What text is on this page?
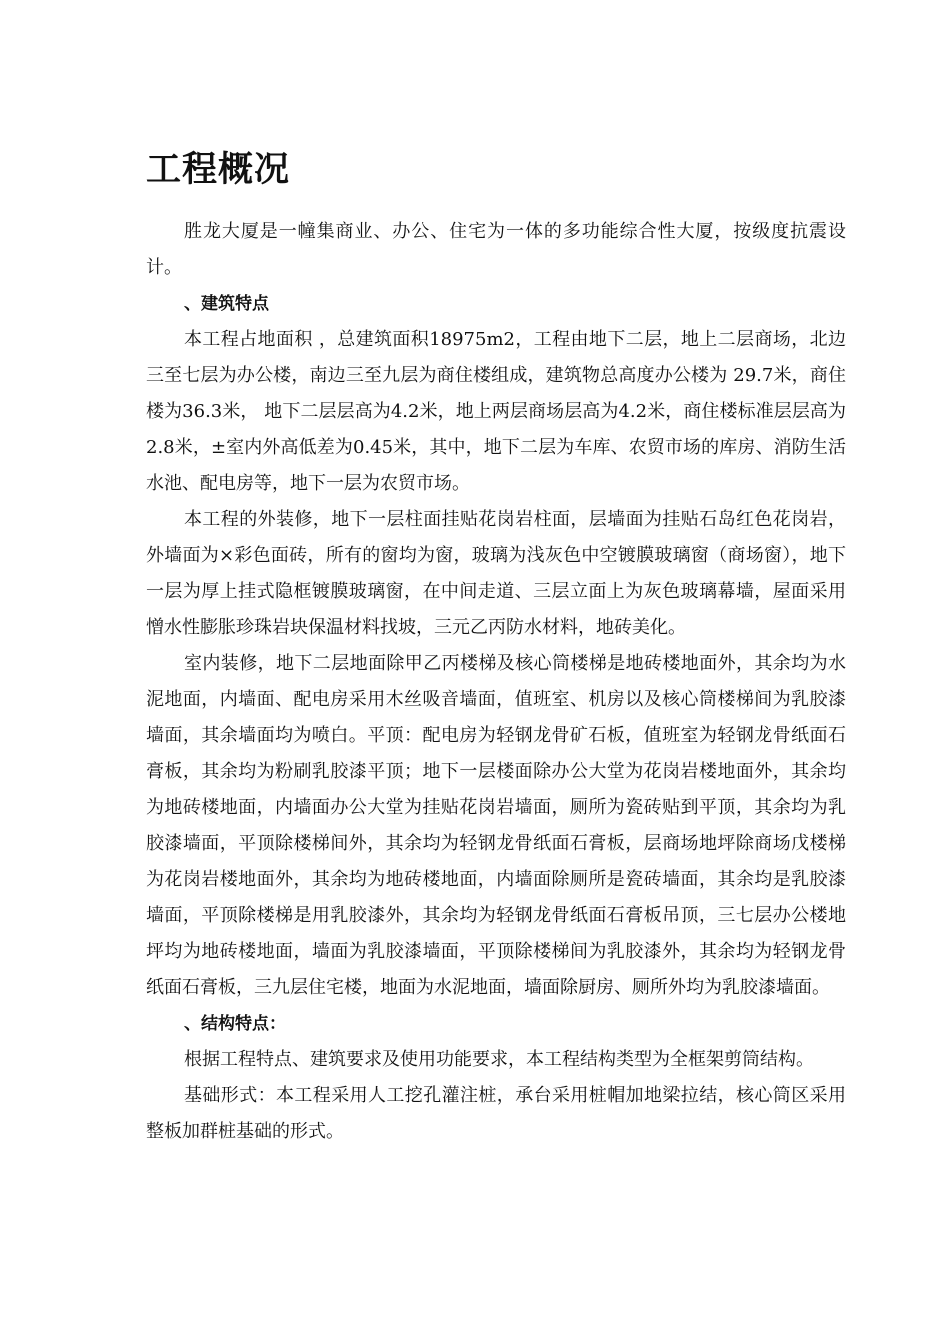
工程概况

胜龙大厦是一幢集商业、办公、住宅为一体的多功能综合性大厦，按级度抗震设计。

、建筑特点

本工程占地面积 ，总建筑面积18975m2，工程由地下二层，地上二层商场，北边三至七层为办公楼，南边三至九层为商住楼组成，建筑物总高度办公楼为 29.7米，商住楼为36.3米， 地下二层层高为4.2米，地上两层商场层高为4.2米，商住楼标准层层高为2.8米，±室内外高低差为0.45米，其中，地下二层为车库、农贸市场的库房、消防生活水池、配电房等，地下一层为农贸市场。

本工程的外装修，地下一层柱面挂贴花岗岩柱面，层墙面为挂贴石岛红色花岗岩，外墙面为×彩色面砖，所有的窗均为窗，玻璃为浅灰色中空镀膜玻璃窗（商场窗），地下一层为厚上挂式隐框镀膜玻璃窗，在中间走道、三层立面上为灰色玻璃幕墙，屋面采用憎水性膨胀珍珠岩块保温材料找坡，三元乙丙防水材料，地砖美化。

室内装修，地下二层地面除甲乙丙楼梯及核心筒楼梯是地砖楼地面外，其余均为水泥地面，内墙面、配电房采用木丝吸音墙面，值班室、机房以及核心筒楼梯间为乳胶漆墙面，其余墙面均为喷白。平顶：配电房为轻钢龙骨矿石板，值班室为轻钢龙骨纸面石膏板，其余均为粉刷乳胶漆平顶；地下一层楼面除办公大堂为花岗岩楼地面外，其余均为地砖楼地面，内墙面办公大堂为挂贴花岗岩墙面，厕所为瓷砖贴到平顶，其余均为乳胶漆墙面，平顶除楼梯间外，其余均为轻钢龙骨纸面石膏板，层商场地坪除商场戊楼梯为花岗岩楼地面外，其余均为地砖楼地面，内墙面除厕所是瓷砖墙面，其余均是乳胶漆墙面，平顶除楼梯是用乳胶漆外，其余均为轻钢龙骨纸面石膏板吊顶，三七层办公楼地坪均为地砖楼地面，墙面为乳胶漆墙面，平顶除楼梯间为乳胶漆外，其余均为轻钢龙骨纸面石膏板，三九层住宅楼，地面为水泥地面，墙面除厨房、厕所外均为乳胶漆墙面。

、结构特点：

根据工程特点、建筑要求及使用功能要求，本工程结构类型为全框架剪筒结构。

基础形式：本工程采用人工挖孔灌注桩，承台采用桩帽加地梁拉结，核心筒区采用整板加群桩基础的形式。
